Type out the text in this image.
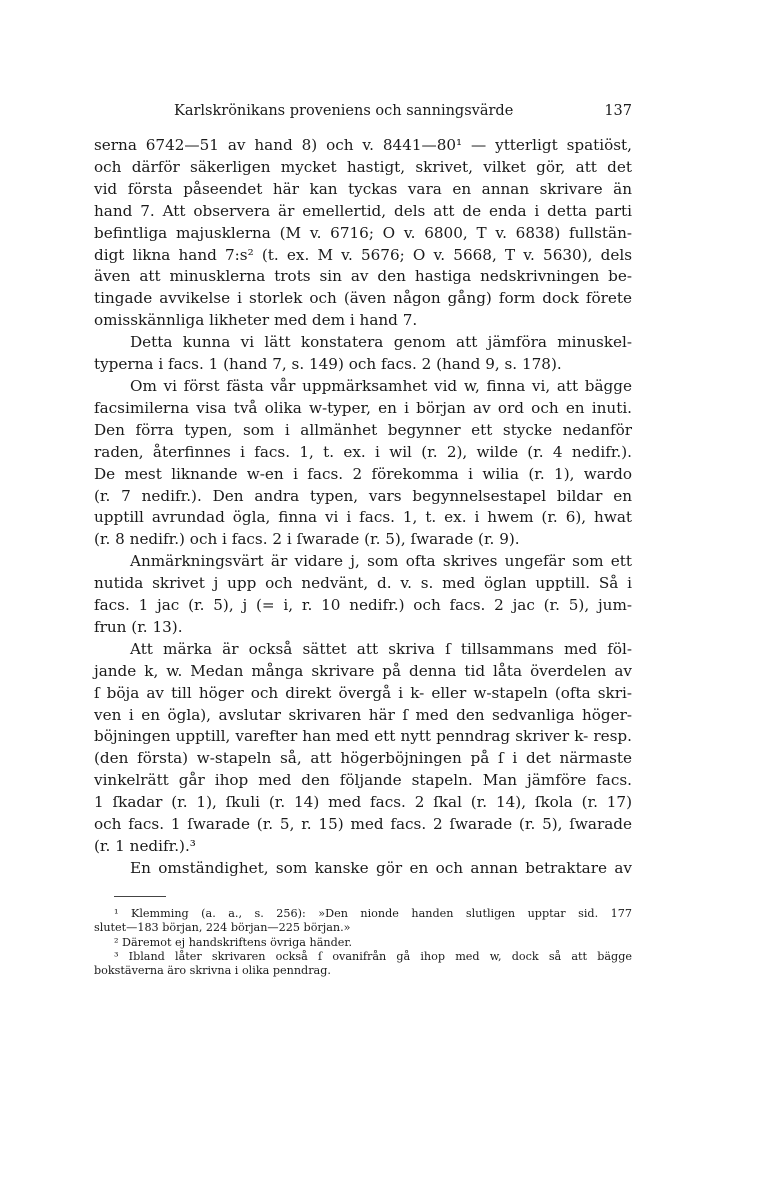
Karlskrönikans proveniens och sanningsvärde	137

serna 6742—51 av hand 8) och v. 8441—80¹ — ytterligt spatiöst,
och därför säkerligen mycket hastigt, skrivet, vilket gör, att det
vid första påseendet här kan tyckas vara en annan skrivare än
hand 7. Att observera är emellertid, dels att de enda i detta parti
befintliga majusklerna (M v. 6716; O v. 6800, T v. 6838) fullstän-
digt likna hand 7:s² (t. ex. M v. 5676; O v. 5668, T v. 5630), dels
även att minusklerna trots sin av den hastiga nedskrivningen be-
tingade avvikelse i storlek och (även någon gång) form dock förete
omisskännliga likheter med dem i hand 7.

Detta kunna vi lätt konstatera genom att jämföra minuskel-
typerna i facs. 1 (hand 7, s. 149) och facs. 2 (hand 9, s. 178).

Om vi först fästa vår uppmärksamhet vid w, finna vi, att bägge
facsimilerna visa två olika w-typer, en i början av ord och en inuti.
Den förra typen, som i allmänhet begynner ett stycke nedanför
raden, återfinnes i facs. 1, t. ex. i wil (r. 2), wilde (r. 4 nedifr.).
De mest liknande w-en i facs. 2 förekomma i wilia (r. 1), wardo
(r. 7 nedifr.). Den andra typen, vars begynnelsestapel bildar en
upptill avrundad ögla, finna vi i facs. 1, t. ex. i hwem (r. 6), hwat
(r. 8 nedifr.) och i facs. 2 i ſwarade (r. 5), ſwarade (r. 9).

Anmärkningsvärt är vidare j, som ofta skrives ungefär som ett
nutida skrivet j upp och nedvänt, d. v. s. med öglan upptill. Så i
facs. 1 jac (r. 5), j (= i, r. 10 nedifr.) och facs. 2 jac (r. 5), jum-
frun (r. 13).

Att märka är också sättet att skriva ſ tillsammans med föl-
jande k, w. Medan många skrivare på denna tid låta överdelen av
ſ böja av till höger och direkt övergå i k- eller w-stapeln (ofta skri-
ven i en ögla), avslutar skrivaren här ſ med den sedvanliga höger-
böjningen upptill, varefter han med ett nytt penndrag skriver k- resp.
(den första) w-stapeln så, att högerböjningen på ſ i det närmaste
vinkelrätt går ihop med den följande stapeln. Man jämföre facs.
1 ſkadar (r. 1), ſkuli (r. 14) med facs. 2 ſkal (r. 14), ſkola (r. 17)
och facs. 1 ſwarade (r. 5, r. 15) med facs. 2 ſwarade (r. 5), ſwarade
(r. 1 nedifr.).³

En omständighet, som kanske gör en och annan betraktare av

¹ Klemming (a. a., s. 256): »Den nionde handen slutligen upptar sid. 177
slutet—183 början, 224 början—225 början.»
² Däremot ej handskriftens övriga händer.
³ Ibland låter skrivaren också ſ ovanifrån gå ihop med w, dock så att bägge
bokstäverna äro skrivna i olika penndrag.
